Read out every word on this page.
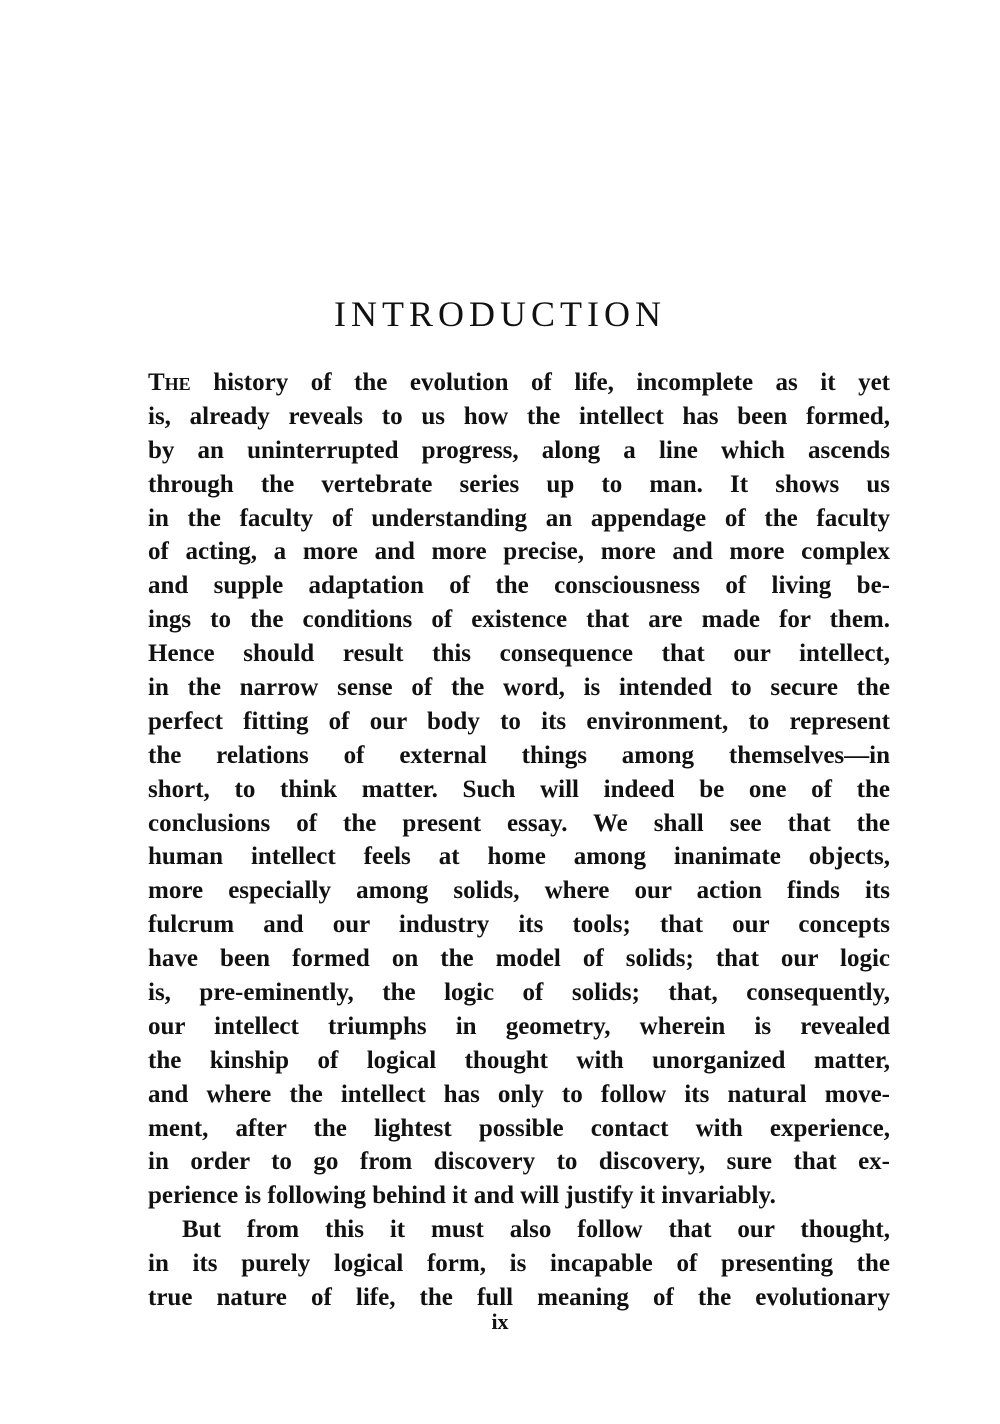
INTRODUCTION
The history of the evolution of life, incomplete as it yet
is, already reveals to us how the intellect has been formed,
by an uninterrupted progress, along a line which ascends
through the vertebrate series up to man. It shows us
in the faculty of understanding an appendage of the faculty
of acting, a more and more precise, more and more complex
and supple adaptation of the consciousness of living be-
ings to the conditions of existence that are made for them.
Hence should result this consequence that our intellect,
in the narrow sense of the word, is intended to secure the
perfect fitting of our body to its environment, to represent
the relations of external things among themselves—in
short, to think matter. Such will indeed be one of the
conclusions of the present essay. We shall see that the
human intellect feels at home among inanimate objects,
more especially among solids, where our action finds its
fulcrum and our industry its tools; that our concepts
have been formed on the model of solids; that our logic
is, pre-eminently, the logic of solids; that, consequently,
our intellect triumphs in geometry, wherein is revealed
the kinship of logical thought with unorganized matter,
and where the intellect has only to follow its natural move-
ment, after the lightest possible contact with experience,
in order to go from discovery to discovery, sure that ex-
perience is following behind it and will justify it invariably.
But from this it must also follow that our thought,
in its purely logical form, is incapable of presenting the
true nature of life, the full meaning of the evolutionary
ix
